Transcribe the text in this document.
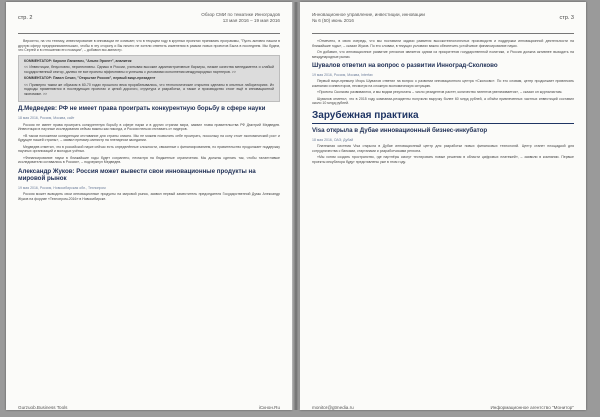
стр. 2
Обзор СМИ по тематике Инноградов
13 мая 2016 – 19 мая 2016

Вероятно, на что технику, инвестирование в инновации не означает, что в текущем году в крупных проектах принимать программы, "Пусть активно нашли в другую сферу предпринимательских, чтобы в эту сторону и Вы ничего не хотели ответить изменения в рамках новых проектов Была в последнем. Мы будем, что Сергей и в отношении его позиции", – добавил экс-министр.

КОММЕНТАТОР: Кирилл Ланкевич, "Альпи Эронет", аналитик

<< Инвестиции, безусловно, перспективны. Однако в России, учитывая высокие административные барьеры, низкие качества менеджмента и слабый государственный сектор, далеко не все проекты эффективны и успешны с условиями исполнения международных партнеров. >>

КОММЕНТАТОР: Павел Сечин, "Открытие Россия", первый вице-президент

<< Примерно таким же образом в 60-70 годах прошлого века прорабатывались, что технологические открытия сделаны в опытных лабораториях. Их подходы применяются в последующих проектах и ценой дорогого, структура и разработки, а также и производство стоят ещё в инновационной экономике. >>

Д.Медведев: РФ не имеет права проиграть конкурентную борьбу в сфере науки

18 мая 2016, Россия, Москва, сайт

Россия не имеет права проиграть конкурентную борьбу в сфере науки и в других странах мира, заявил глава правительства РФ Дмитрий Медведев. Инвестиции в научные исследования сейчас важны как никогда, и России нельзя отставать от лидеров.

«В таком положении конкуренции отставание для страны опасно. Мы не можем позволить себе проиграть, поскольку на кону стоит экономический рост и будущее нашей страны», – заявил премьер-министр на пленарном заседании.

Медведев отметил, что в российской науке сейчас есть определённые сложности, связанные с финансированием, но правительство продолжает поддержку научных организаций и молодых учёных.

«Финансирование науки в ближайшие годы будет сохранено, несмотря на бюджетные ограничения. Мы должны сделать так, чтобы талантливые исследователи оставались в России», – подчеркнул Медведев.

Александр Жуков: Россия может вывести свои инновационные продукты на мировой рынок

19 мая 2016, Россия, Новосибирская обл., Технопром

Россия может выводить свои инновационные продукты на мировой рынок, заявил первый заместитель председателя Государственной Думы Александр Жуков на форуме «Технопром-2016» в Новосибирске.

Gurzuob.Business Tools	iСкнон.Ru
Инновационное управление, инвестиции, инновации
№ 6 (50) июнь 2016	стр. 3

«Отмечено, в свою очередь, что мы поставили задачи развития высокотехнологичных производств и поддержки инновационной деятельности на ближайшие годы», – сказал Жуков. По его словам, в текущих условиях важно обеспечить устойчивое финансирование науки.

Он добавил, что инновационное развитие регионов является одним из приоритетов государственной политики, и Россия должна активнее выходить на международные рынки.

Шувалов ответил на вопрос о развитии Инноград-Сколково

19 мая 2016, Россия, Москва, Interfax

Первый вице-премьер Игорь Шувалов ответил на вопрос о развитии инновационного центра «Сколково». По его словам, центр продолжает привлекать компании и инвесторов, несмотря на сложную экономическую ситуацию.

«Проекты Сколково развиваются, и мы видим результаты – число резидентов растет, количество патентов увеличивается», – сказал он журналистам.

Шувалов отметил, что в 2015 году компании-резиденты получили выручку более 60 млрд рублей, а объём привлеченных частных инвестиций составил около 10 млрд рублей.

Зарубежная практика
Visa открыла в Дубае инновационный бизнес-инкубатор

18 мая 2016, ОАЭ, Дубай

Платежная система Visa открыла в Дубае инновационный центр для разработки новых финансовых технологий. Центр станет площадкой для сотрудничества с банками, стартапами и разработчиками региона.

«Мы хотим создать пространство, где партнёры смогут тестировать новые решения в области цифровых платежей», – заявили в компании. Первые проекты инкубатора будут представлены уже в этом году.

monitor@gtmedia.ru	Информационное агентство "Монитор"
